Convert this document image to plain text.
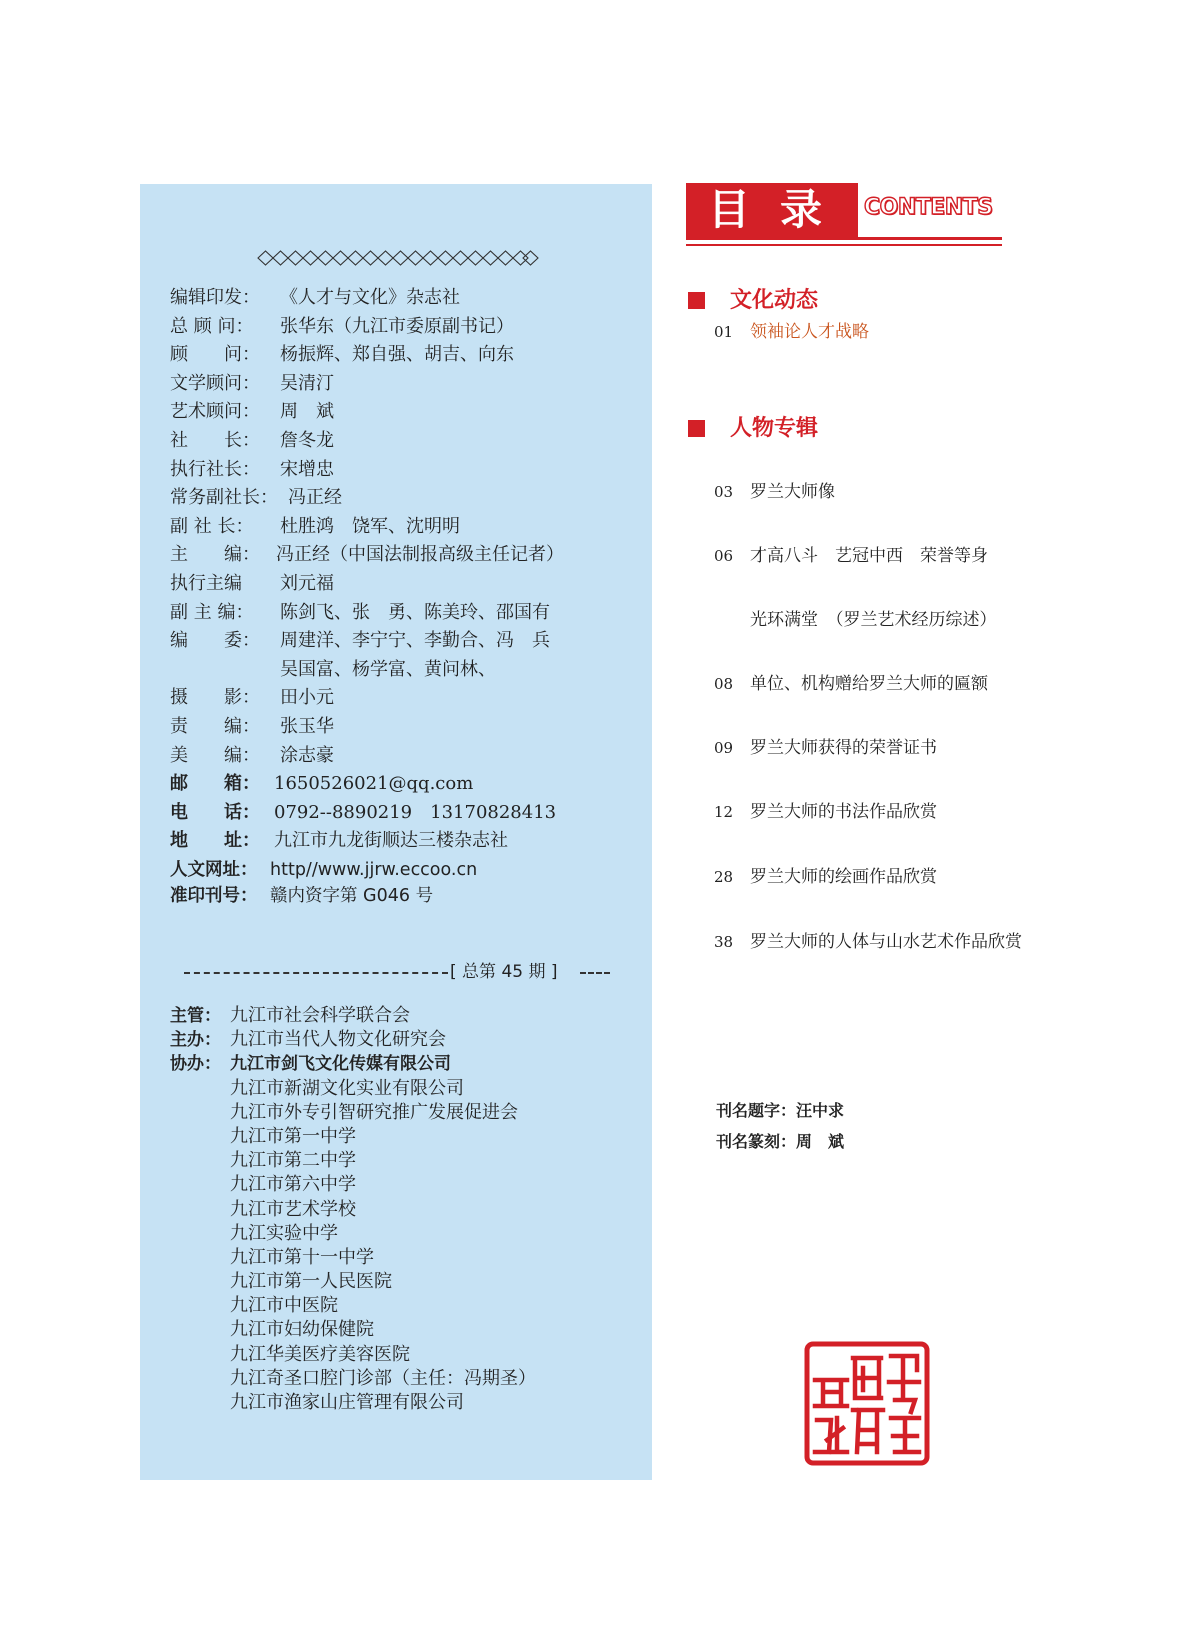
编辑印发： 《人才与文化》杂志社
总 顾 问： 张华东（九江市委原副书记）
顾　　问： 杨振辉、郑自强、胡吉、向东
文学顾问： 吴清汀
艺术顾问： 周　斌
社　　长： 詹冬龙
执行社长： 宋增忠
常务副社长： 冯正经
副 社 长： 杜胜鸿　饶军、沈明明
主　　编： 冯正经（中国法制报高级主任记者）
执行主编 刘元福
副 主 编： 陈剑飞、张　勇、陈美玲、邵国有
编　　委： 周建洋、李宁宁、李勤合、冯　兵
吴国富、杨学富、黄问林、
摄　　影： 田小元
责　　编： 张玉华
美　　编： 涂志豪
邮　　箱： 1650526021@qq.com
电　　话： 0792--8890219　13170828413
地　　址： 九江市九龙街顺达三楼杂志社
人文网址： http//www.jjrw.eccoo.cn
准印刊号： 赣内资字第 G046 号
[ 总第 45 期 ]
主管： 九江市社会科学联合会
主办： 九江市当代人物文化研究会
协办： 九江市剑飞文化传媒有限公司
九江市新湖文化实业有限公司
九江市外专引智研究推广发展促进会
九江市第一中学
九江市第二中学
九江市第六中学
九江市艺术学校
九江实验中学
九江市第十一中学
九江市第一人民医院
九江市中医院
九江市妇幼保健院
九江华美医疗美容医院
九江奇圣口腔门诊部（主任：冯期圣）
九江市渔家山庄管理有限公司
目录 CONTENTS
文化动态
01 领袖论人才战略
人物专辑
03 罗兰大师像
06 才高八斗　艺冠中西　荣誉等身
光环满堂　（罗兰艺术经历综述）
08 单位、机构赠给罗兰大师的匾额
09 罗兰大师获得的荣誉证书
12 罗兰大师的书法作品欣赏
28 罗兰大师的绘画作品欣赏
38 罗兰大师的人体与山水艺术作品欣赏
刊名题字：汪中求
刊名篆刻：周　斌
